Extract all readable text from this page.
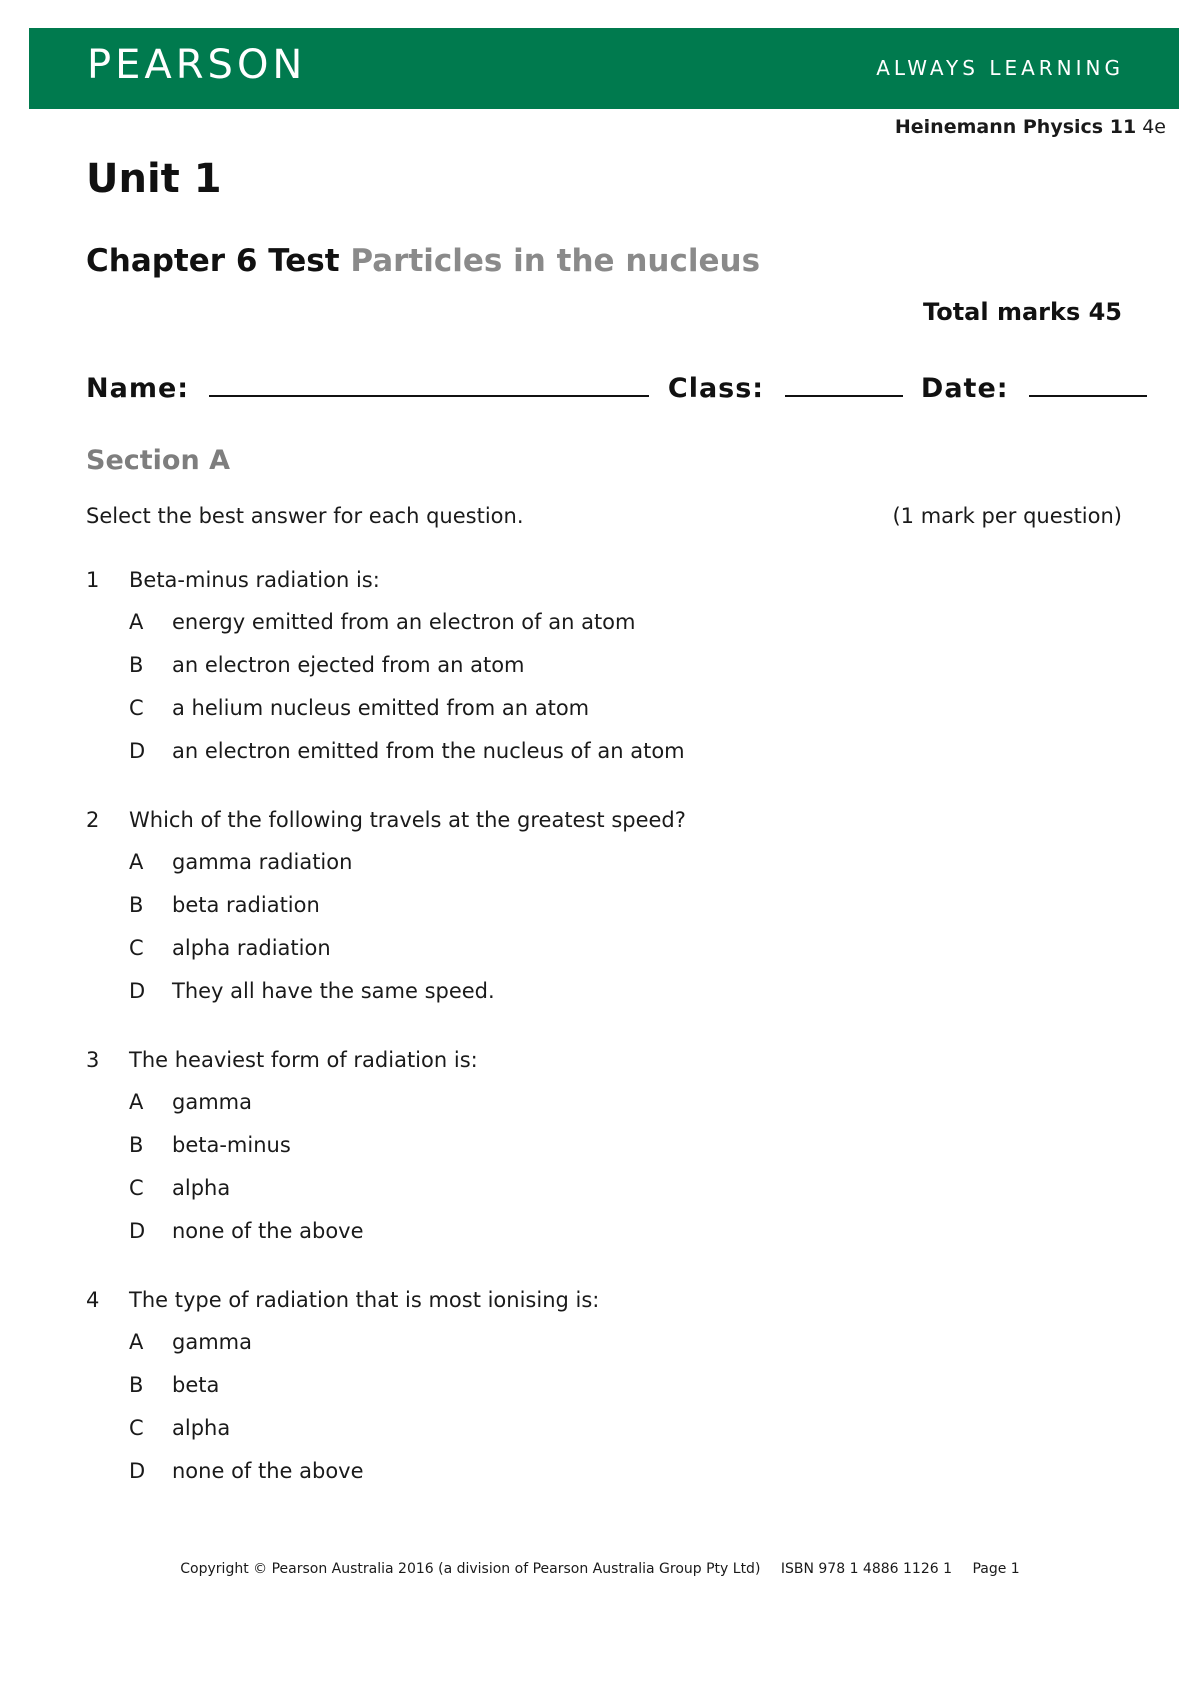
PEARSON	ALWAYS LEARNING
Heinemann Physics 11 4e
Unit 1
Chapter 6 Test Particles in the nucleus
Total marks 45
Name:	Class:	Date:
Section A
Select the best answer for each question.	(1 mark per question)
1	Beta-minus radiation is:
A	energy emitted from an electron of an atom
B	an electron ejected from an atom
C	a helium nucleus emitted from an atom
D	an electron emitted from the nucleus of an atom
2	Which of the following travels at the greatest speed?
A	gamma radiation
B	beta radiation
C	alpha radiation
D	They all have the same speed.
3	The heaviest form of radiation is:
A	gamma
B	beta-minus
C	alpha
D	none of the above
4	The type of radiation that is most ionising is:
A	gamma
B	beta
C	alpha
D	none of the above
Copyright © Pearson Australia 2016 (a division of Pearson Australia Group Pty Ltd) ISBN 978 1 4886 1126 1 Page 1
